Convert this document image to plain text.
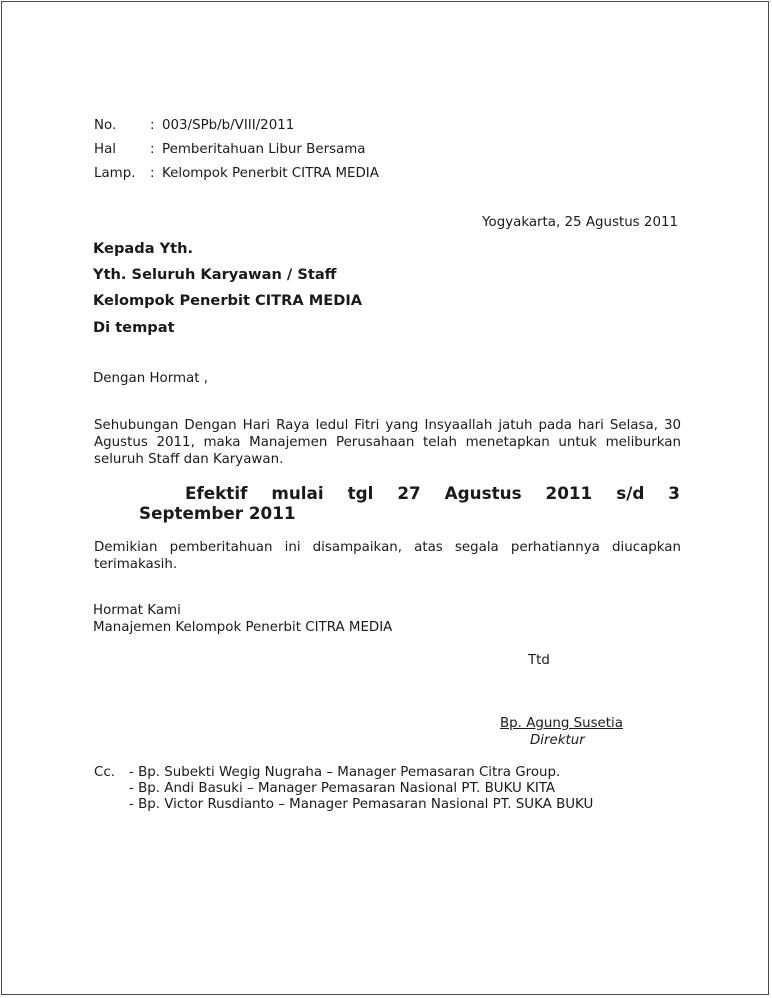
No.	: 003/SPb/b/VIII/2011
Hal	: Pemberitahuan Libur Bersama
Lamp. : Kelompok Penerbit CITRA MEDIA
Yogyakarta, 25 Agustus 2011
Kepada Yth.
Yth. Seluruh Karyawan / Staff
Kelompok Penerbit CITRA MEDIA
Di tempat
Dengan Hormat ,
Sehubungan Dengan Hari Raya Iedul Fitri yang Insyaallah jatuh pada hari Selasa, 30
Agustus 2011, maka Manajemen Perusahaan telah menetapkan untuk meliburkan
seluruh Staff dan Karyawan.
Efektif mulai tgl 27 Agustus 2011 s/d 3
September 2011
Demikian pemberitahuan ini disampaikan, atas segala perhatiannya diucapkan
terimakasih.
Hormat Kami
Manajemen Kelompok Penerbit CITRA MEDIA
Ttd
Bp. Agung Susetia
Direktur
Cc. - Bp. Subekti Wegig Nugraha – Manager Pemasaran Citra Group.
- Bp. Andi Basuki – Manager Pemasaran Nasional PT. BUKU KITA
- Bp. Victor Rusdianto – Manager Pemasaran Nasional PT. SUKA BUKU
